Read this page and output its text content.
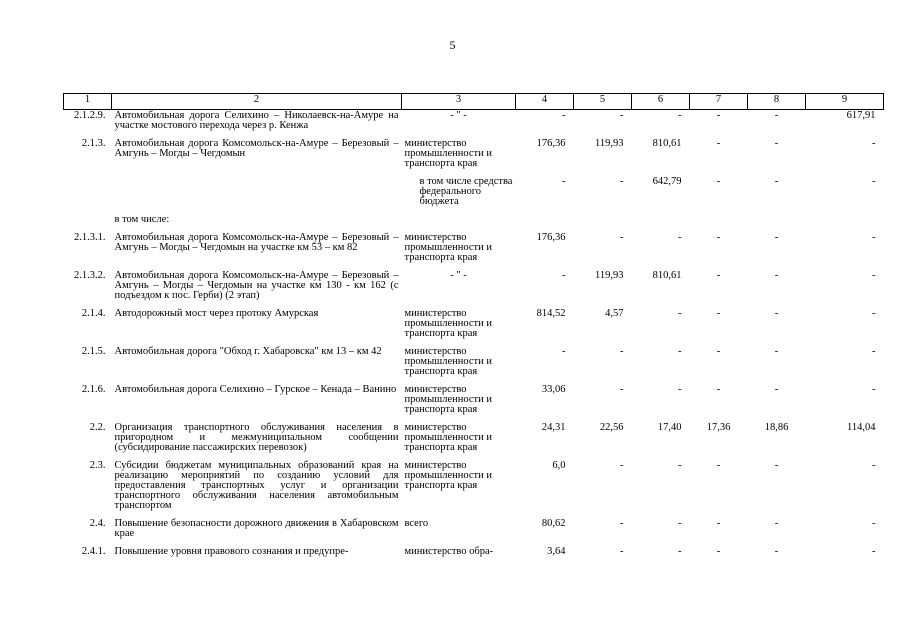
5
1	2	3	4	5	6	7	8	9
2.1.2.9.	Автомобильная дорога Селихино – Николаевск-на-Амуре на участке мостового перехода через р. Кенжа	- " -	-	-	-	-	-	617,91
2.1.3.	Автомобильная дорога Комсомольск-на-Амуре – Березовый – Амгунь – Могды – Чегдомын	министерство промышленности и транспорта края	176,36	119,93	810,61	-	-	-
		в том числе средства федерального бюджета	-	-	642,79	-	-	-
	в том числе:							
2.1.3.1.	Автомобильная дорога Комсомольск-на-Амуре – Березовый – Амгунь – Могды – Чегдомын на участке км 53 – км 82	министерство промышленности и транспорта края	176,36	-	-	-	-	-
2.1.3.2.	Автомобильная дорога Комсомольск-на-Амуре – Березовый – Амгунь – Могды – Чегдомын на участке км 130 - км 162 (с подъездом к пос. Герби) (2 этап)	- " -	-	119,93	810,61	-	-	-
2.1.4.	Автодорожный мост через протоку Амурская	министерство промышленности и транспорта края	814,52	4,57	-	-	-	-
2.1.5.	Автомобильная дорога "Обход г. Хабаровска" км 13 – км 42	министерство промышленности и транспорта края	-	-	-	-	-	-
2.1.6.	Автомобильная дорога Селихино – Гурское – Кенада – Ванино	министерство промышленности и транспорта края	33,06	-	-	-	-	-
2.2.	Организация транспортного обслуживания населения в пригородном и межмуниципальном сообщении (субсидирование пассажирских перевозок)	министерство промышленности и транспорта края	24,31	22,56	17,40	17,36	18,86	114,04
2.3.	Субсидии бюджетам муниципальных образований края на реализацию мероприятий по созданию условий для предоставления транспортных услуг и организации транспортного обслуживания населения автомобильным транспортом	министерство промышленности и транспорта края	6,0	-	-	-	-	-
2.4.	Повышение безопасности дорожного движения в Хабаровском крае	всего	80,62	-	-	-	-	-
2.4.1.	Повышение уровня правового сознания и предупре-	министерство обра-	3,64	-	-	-	-	-
